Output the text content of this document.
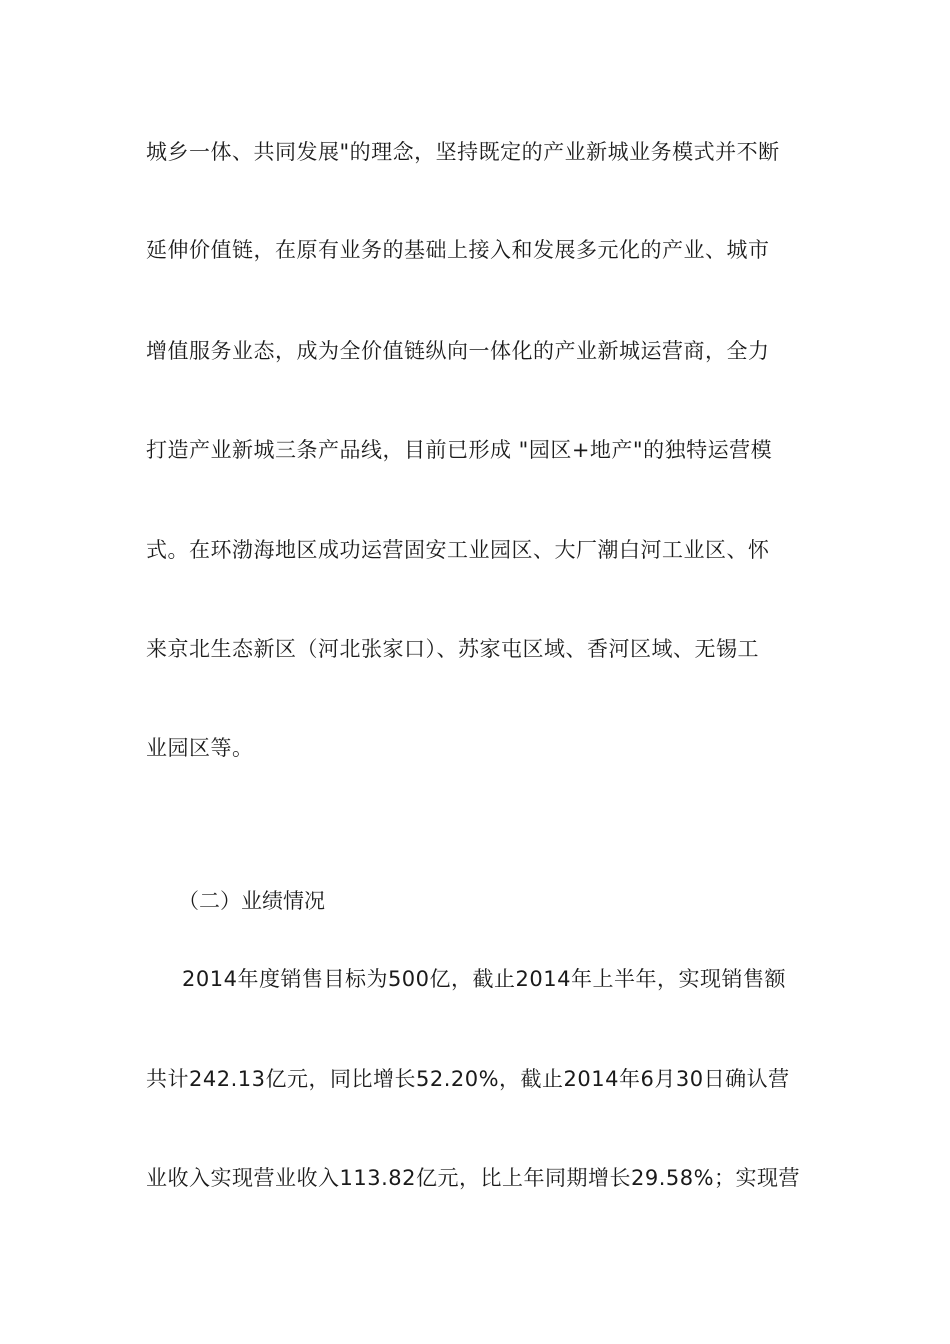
城乡一体、共同发展"的理念，坚持既定的产业新城业务模式并不断
延伸价值链，在原有业务的基础上接入和发展多元化的产业、城市
增值服务业态，成为全价值链纵向一体化的产业新城运营商，全力
打造产业新城三条产品线，目前已形成 "园区+地产"的独特运营模
式。在环渤海地区成功运营固安工业园区、大厂潮白河工业区、怀
来京北生态新区（河北张家口）、苏家屯区域、香河区域、无锡工
业园区等。
（二）业绩情况
2014年度销售目标为500亿，截止2014年上半年，实现销售额
共计242.13亿元，同比增长52.20%，截止2014年6月30日确认营
业收入实现营业收入113.82亿元，比上年同期增长29.58%；实现营
